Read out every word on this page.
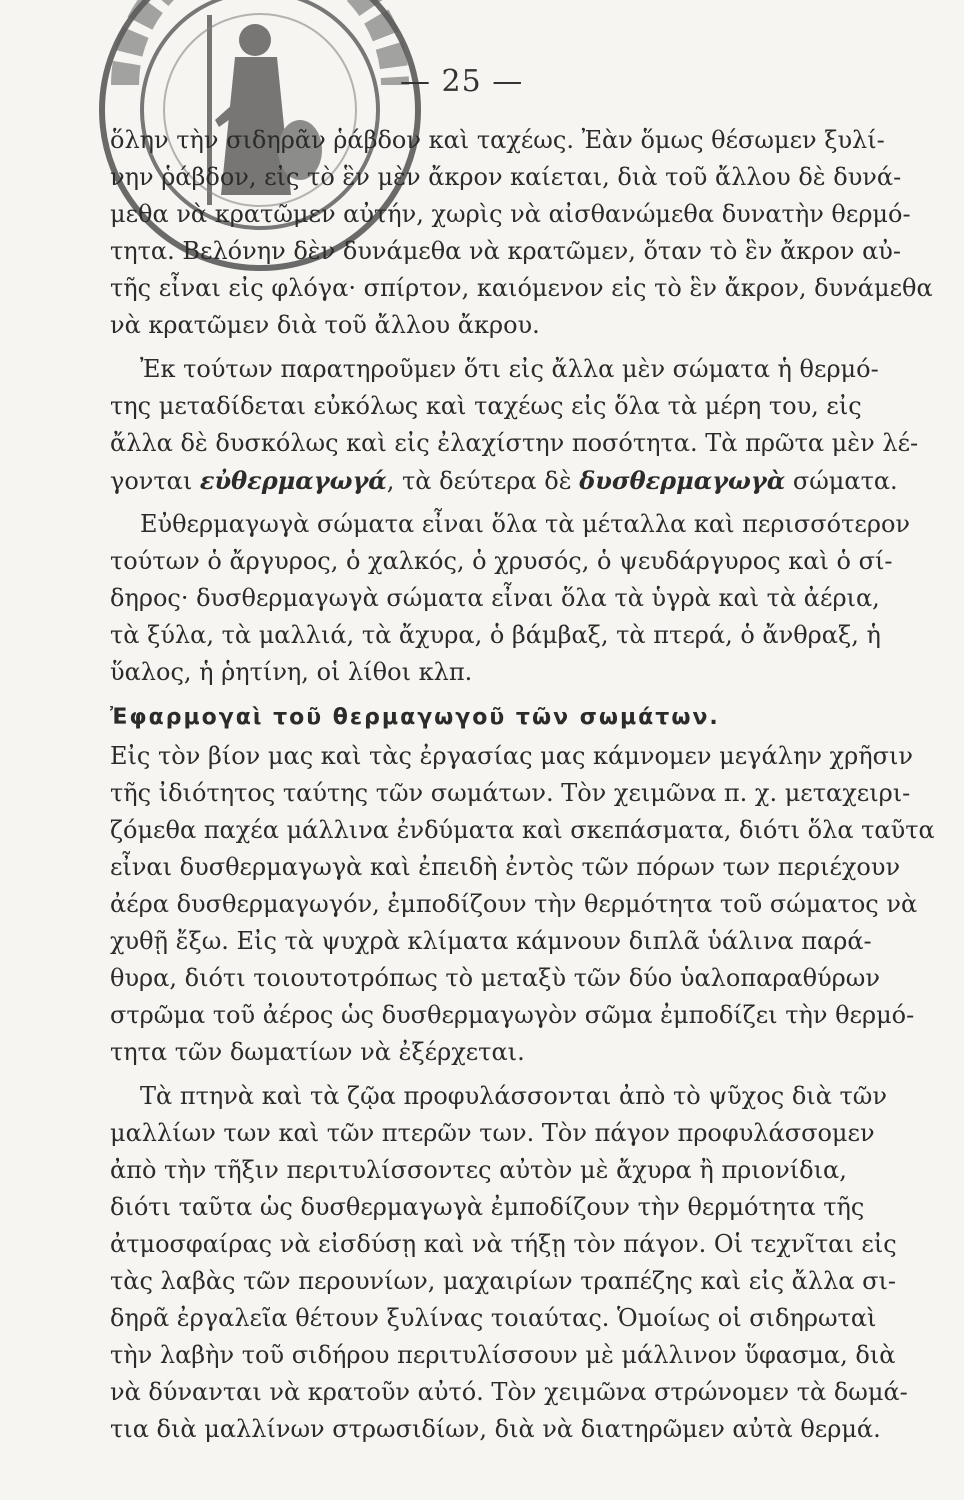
— 25 —
ὅλην τὴν σιδηρᾶν ῥάβδον καὶ ταχέως. Ἐὰν ὅμως θέσωμεν ξυλί-
νην ῥάβδον, εἰς τὸ ἓν μὲν ἄκρον καίεται, διὰ τοῦ ἄλλου δὲ δυνά-
μεθα νὰ κρατῶμεν αὐτήν, χωρὶς νὰ αἰσθανώμεθα δυνατὴν θερμό-
τητα. Βελόνην δὲν δυνάμεθα νὰ κρατῶμεν, ὅταν τὸ ἓν ἄκρον αὐ-
τῆς εἶναι εἰς φλόγα· σπίρτον, καιόμενον εἰς τὸ ἓν ἄκρον, δυνάμεθα
νὰ κρατῶμεν διὰ τοῦ ἄλλου ἄκρου.
Ἐκ τούτων παρατηροῦμεν ὅτι εἰς ἄλλα μὲν σώματα ἡ θερμό-
της μεταδίδεται εὐκόλως καὶ ταχέως εἰς ὅλα τὰ μέρη του, εἰς
ἄλλα δὲ δυσκόλως καὶ εἰς ἐλαχίστην ποσότητα. Τὰ πρῶτα μὲν λέ-
γονται εὐθερμαγωγά, τὰ δεύτερα δὲ δυσθερμαγωγὰ σώματα.
Εὐθερμαγωγὰ σώματα εἶναι ὅλα τὰ μέταλλα καὶ περισσότερον
τούτων ὁ ἄργυρος, ὁ χαλκός, ὁ χρυσός, ὁ ψευδάργυρος καὶ ὁ σί-
δηρος· δυσθερμαγωγὰ σώματα εἶναι ὅλα τὰ ὑγρὰ καὶ τὰ ἀέρια,
τὰ ξύλα, τὰ μαλλιά, τὰ ἄχυρα, ὁ βάμβαξ, τὰ πτερά, ὁ ἄνθραξ, ἡ
ὕαλος, ἡ ῥητίνη, οἱ λίθοι κλπ.
Ἐφαρμογαὶ τοῦ θερμαγωγοῦ τῶν σωμάτων.
Εἰς τὸν βίον μας καὶ τὰς ἐργασίας μας κάμνομεν μεγάλην χρῆσιν
τῆς ἰδιότητος ταύτης τῶν σωμάτων. Τὸν χειμῶνα π. χ. μεταχειρι-
ζόμεθα παχέα μάλλινα ἐνδύματα καὶ σκεπάσματα, διότι ὅλα ταῦτα
εἶναι δυσθερμαγωγὰ καὶ ἐπειδὴ ἐντὸς τῶν πόρων των περιέχουν
ἀέρα δυσθερμαγωγόν, ἐμποδίζουν τὴν θερμότητα τοῦ σώματος νὰ
χυθῇ ἔξω. Εἰς τὰ ψυχρὰ κλίματα κάμνουν διπλᾶ ὑάλινα παρά-
θυρα, διότι τοιουτοτρόπως τὸ μεταξὺ τῶν δύο ὑαλοπαραθύρων
στρῶμα τοῦ ἀέρος ὡς δυσθερμαγωγὸν σῶμα ἐμποδίζει τὴν θερμό-
τητα τῶν δωματίων νὰ ἐξέρχεται.
Τὰ πτηνὰ καὶ τὰ ζῷα προφυλάσσονται ἀπὸ τὸ ψῦχος διὰ τῶν
μαλλίων των καὶ τῶν πτερῶν των. Τὸν πάγον προφυλάσσομεν
ἀπὸ τὴν τῆξιν περιτυλίσσοντες αὐτὸν μὲ ἄχυρα ἢ πριονίδια,
διότι ταῦτα ὡς δυσθερμαγωγὰ ἐμποδίζουν τὴν θερμότητα τῆς
ἀτμοσφαίρας νὰ εἰσδύσῃ καὶ νὰ τήξῃ τὸν πάγον. Οἱ τεχνῖται εἰς
τὰς λαβὰς τῶν περουνίων, μαχαιρίων τραπέζης καὶ εἰς ἄλλα σι-
δηρᾶ ἐργαλεῖα θέτουν ξυλίνας τοιαύτας. Ὁμοίως οἱ σιδηρωταὶ
τὴν λαβὴν τοῦ σιδήρου περιτυλίσσουν μὲ μάλλινον ὕφασμα, διὰ
νὰ δύνανται νὰ κρατοῦν αὐτό. Τὸν χειμῶνα στρώνομεν τὰ δωμά-
τια διὰ μαλλίνων στρωσιδίων, διὰ νὰ διατηρῶμεν αὐτὰ θερμά.
